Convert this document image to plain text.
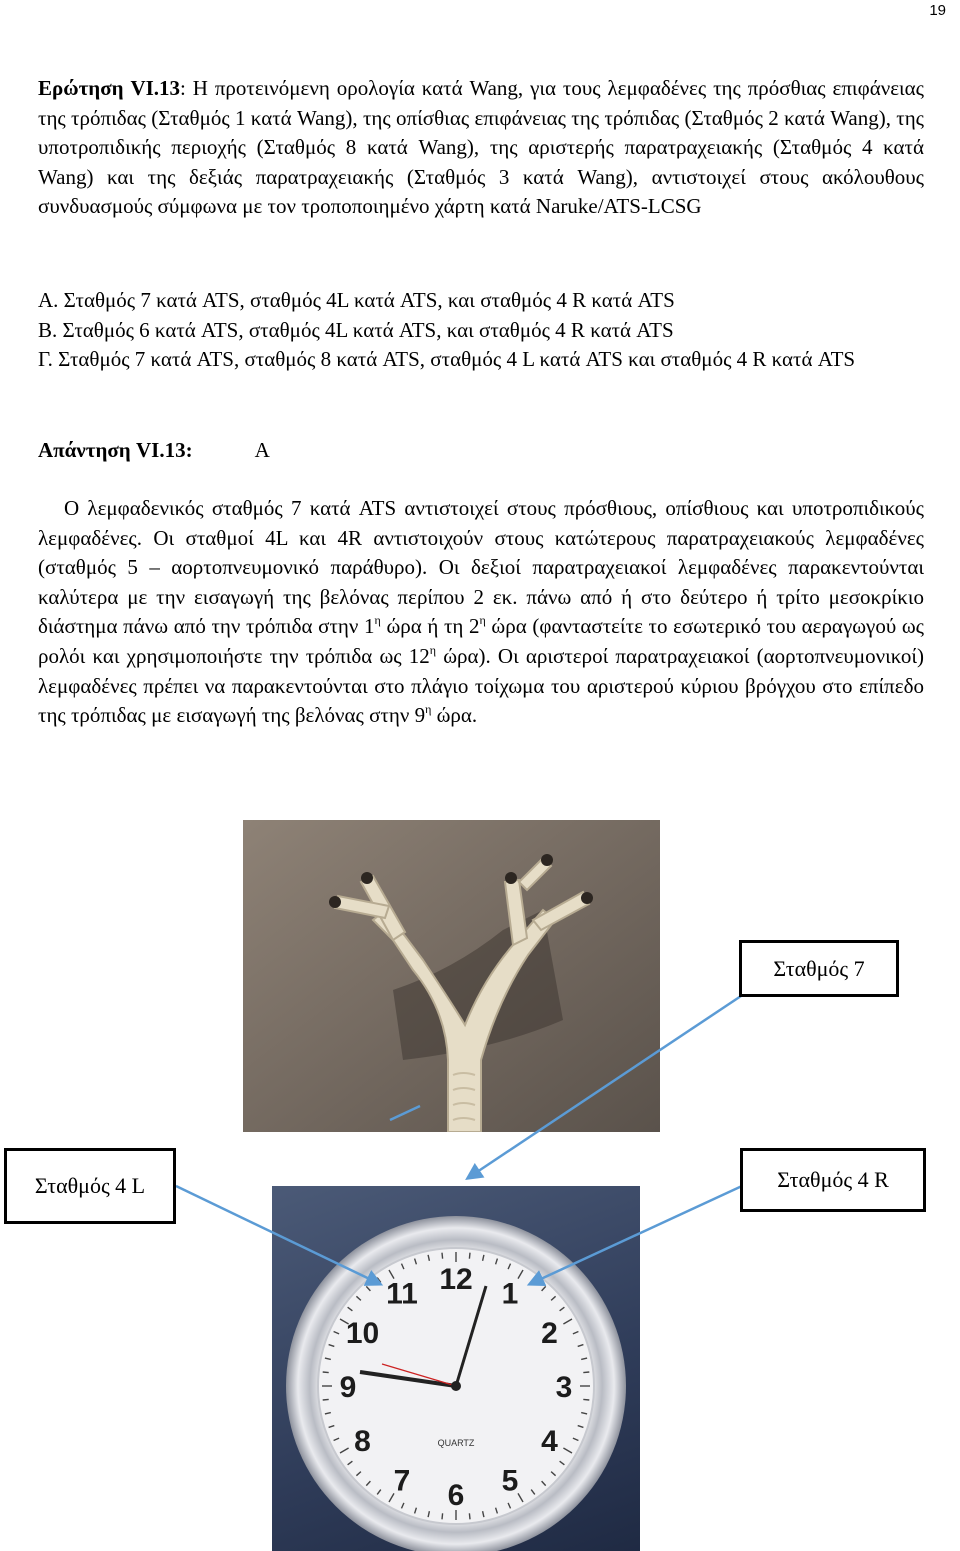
19
Ερώτηση VI.13: Η προτεινόμενη ορολογία κατά Wang, για τους λεμφαδένες της πρόσθιας επιφάνειας της τρόπιδας (Σταθμός 1 κατά Wang), της οπίσθιας επιφάνειας της τρόπιδας (Σταθμός 2 κατά Wang), της υποτροπιδικής περιοχής (Σταθμός 8 κατά Wang), της αριστερής παρατραχειακής (Σταθμός 4 κατά Wang) και της δεξιάς παρατραχειακής (Σταθμός 3 κατά Wang), αντιστοιχεί στους ακόλουθους συνδυασμούς σύμφωνα με τον τροποποιημένο χάρτη κατά Naruke/ATS-LCSG
Α. Σταθμός 7 κατά ATS, σταθμός 4L κατά ATS, και σταθμός 4 R κατά ATS
Β. Σταθμός 6 κατά ATS, σταθμός 4L κατά ATS, και σταθμός 4 R κατά ATS
Γ. Σταθμός 7 κατά ATS, σταθμός 8 κατά ATS, σταθμός 4 L κατά ATS και σταθμός 4 R κατά ATS
Απάντηση VI.13:	Α
Ο λεμφαδενικός σταθμός 7 κατά ATS αντιστοιχεί στους πρόσθιους, οπίσθιους και υποτροπιδικούς λεμφαδένες. Οι σταθμοί 4L και 4R αντιστοιχούν στους κατώτερους παρατραχειακούς λεμφαδένες (σταθμός 5 – αορτοπνευμονικό παράθυρο). Οι δεξιοί παρατραχειακοί λεμφαδένες παρακεντούνται καλύτερα με την εισαγωγή της βελόνας περίπου 2 εκ. πάνω από ή στο δεύτερο ή τρίτο μεσοκρίκιο διάστημα πάνω από την τρόπιδα στην $1^\eta$ ώρα ή τη $2^\eta$ ώρα (φανταστείτε το εσωτερικό του αεραγωγού ως ρολόι και χρησιμοποιήστε την τρόπιδα ως $12^\eta$ ώρα). Οι αριστεροί παρατραχειακοί (αορτοπνευμονικοί) λεμφαδένες πρέπει να παρακεντούνται στο πλάγιο τοίχωμα του αριστερού κύριου βρόγχου στο επίπεδο της τρόπιδας με εισαγωγή της βελόνας στην $9^\eta$ ώρα.
12 1
2
3
4
5
6
7
8
9
10
11
QUARTZ
Σταθμός 7
Σταθμός 4 L	Σταθμός 4 R
